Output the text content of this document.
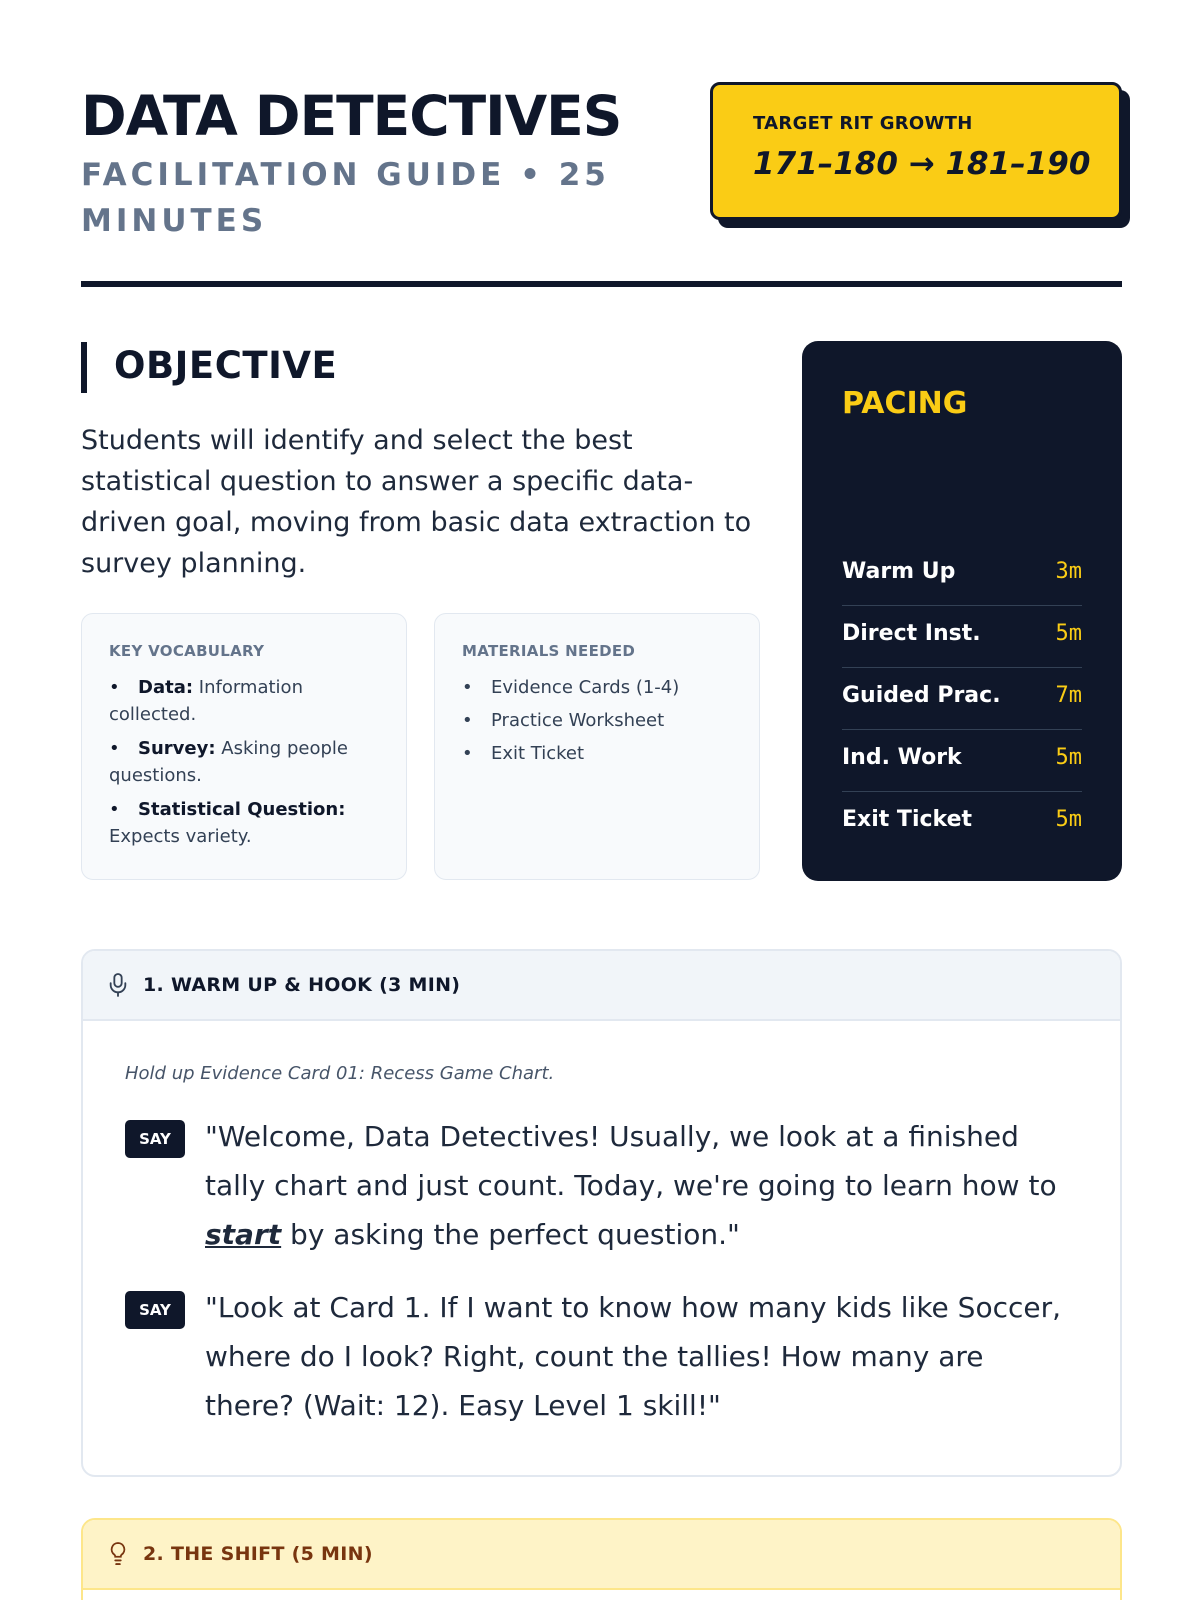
DATA DETECTIVES
FACILITATION GUIDE • 25 MINUTES
TARGET RIT GROWTH
171–180 → 181–190
OBJECTIVE
Students will identify and select the best statistical question to answer a specific data-driven goal, moving from basic data extraction to survey planning.
KEY VOCABULARY
• Data: Information collected.
• Survey: Asking people questions.
• Statistical Question: Expects variety.
MATERIALS NEEDED
• Evidence Cards (1-4)
• Practice Worksheet
• Exit Ticket
PACING
Warm Up	3m
Direct Inst.	5m
Guided Prac. 7m
Ind. Work	5m
Exit Ticket	5m
1. WARM UP & HOOK (3 MIN)
Hold up Evidence Card 01: Recess Game Chart.
SAY	"Welcome, Data Detectives! Usually, we look at a finished tally chart and just count. Today, we're going to learn how to start by asking the perfect question."
SAY	"Look at Card 1. If I want to know how many kids like Soccer, where do I look? Right, count the tallies! How many are there? (Wait: 12). Easy Level 1 skill!"
2. THE SHIFT (5 MIN)
